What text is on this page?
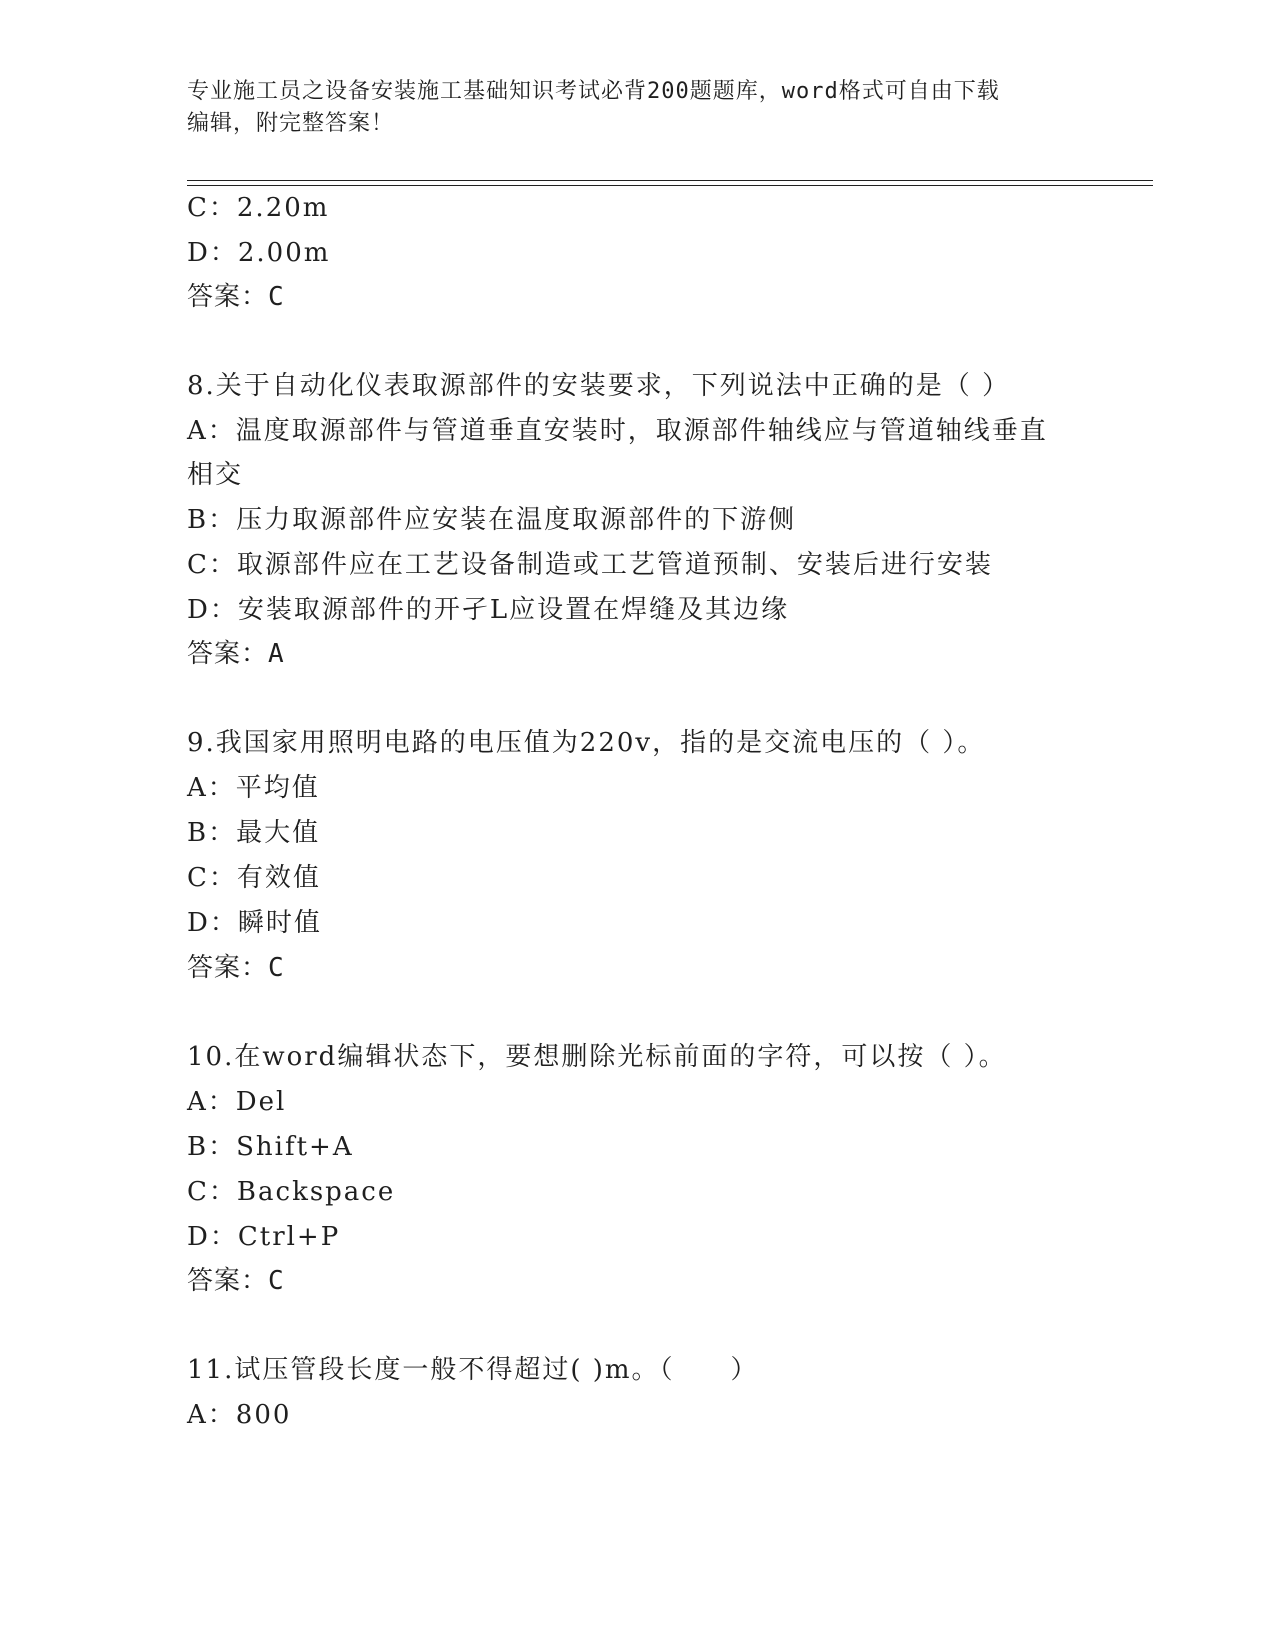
专业施工员之设备安装施工基础知识考试必背200题题库，word格式可自由下载
编辑，附完整答案！
C：2.20m
D：2.00m
答案：C
8.关于自动化仪表取源部件的安装要求，下列说法中正确的是（ ）
A：温度取源部件与管道垂直安装时，取源部件轴线应与管道轴线垂直
相交
B：压力取源部件应安装在温度取源部件的下游侧
C：取源部件应在工艺设备制造或工艺管道预制、安装后进行安装
D：安装取源部件的开孑L应设置在焊缝及其边缘
答案：A
9.我国家用照明电路的电压值为220v，指的是交流电压的（ ）。
A：平均值
B：最大值
C：有效值
D：瞬时值
答案：C
10.在word编辑状态下，要想删除光标前面的字符，可以按（ ）。
A：Del
B：Shift+A
C：Backspace
D：Ctrl+P
答案：C
11.试压管段长度一般不得超过( )m。（　　）
A：800
